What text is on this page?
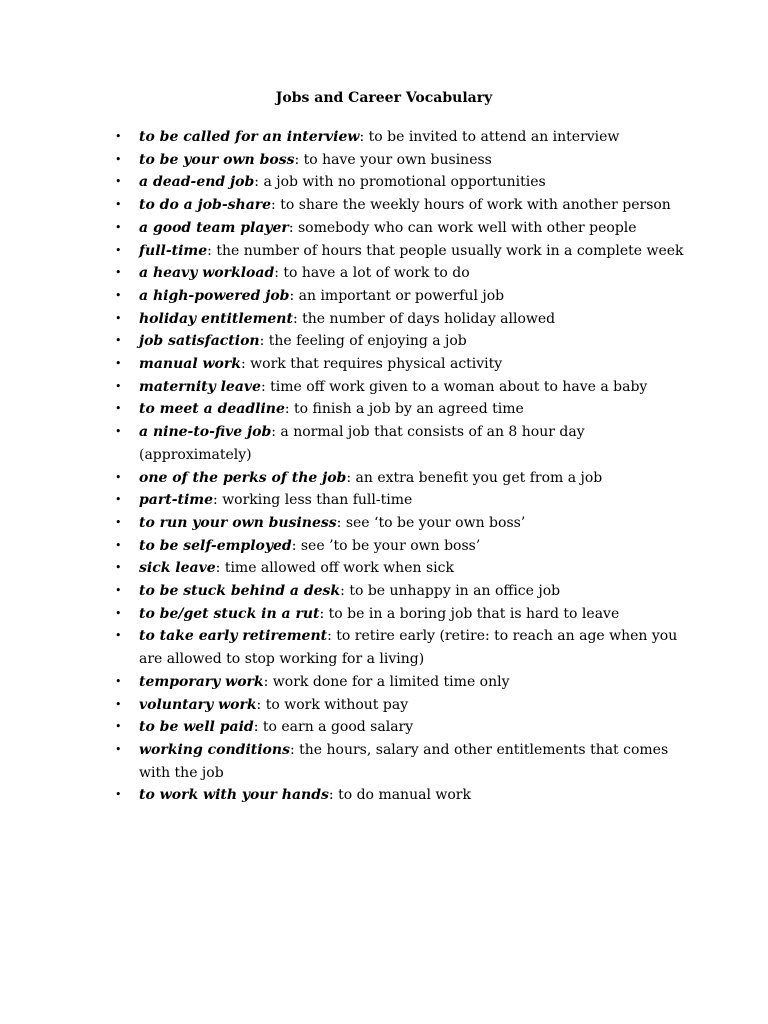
Jobs and Career Vocabulary
• to be called for an interview: to be invited to attend an interview
• to be your own boss: to have your own business
• a dead-end job: a job with no promotional opportunities
• to do a job-share: to share the weekly hours of work with another person
• a good team player: somebody who can work well with other people
• full-time: the number of hours that people usually work in a complete week
• a heavy workload: to have a lot of work to do
• a high-powered job: an important or powerful job
• holiday entitlement: the number of days holiday allowed
• job satisfaction: the feeling of enjoying a job
• manual work: work that requires physical activity
• maternity leave: time off work given to a woman about to have a baby
• to meet a deadline: to finish a job by an agreed time
• a nine-to-five job: a normal job that consists of an 8 hour day (approximately)
• one of the perks of the job: an extra benefit you get from a job
• part-time: working less than full-time
• to run your own business: see ‘to be your own boss’
• to be self-employed: see ’to be your own boss’
• sick leave: time allowed off work when sick
• to be stuck behind a desk: to be unhappy in an office job
• to be/get stuck in a rut: to be in a boring job that is hard to leave
• to take early retirement: to retire early (retire: to reach an age when you are allowed to stop working for a living)
• temporary work: work done for a limited time only
• voluntary work: to work without pay
• to be well paid: to earn a good salary
• working conditions: the hours, salary and other entitlements that comes with the job
• to work with your hands: to do manual work
